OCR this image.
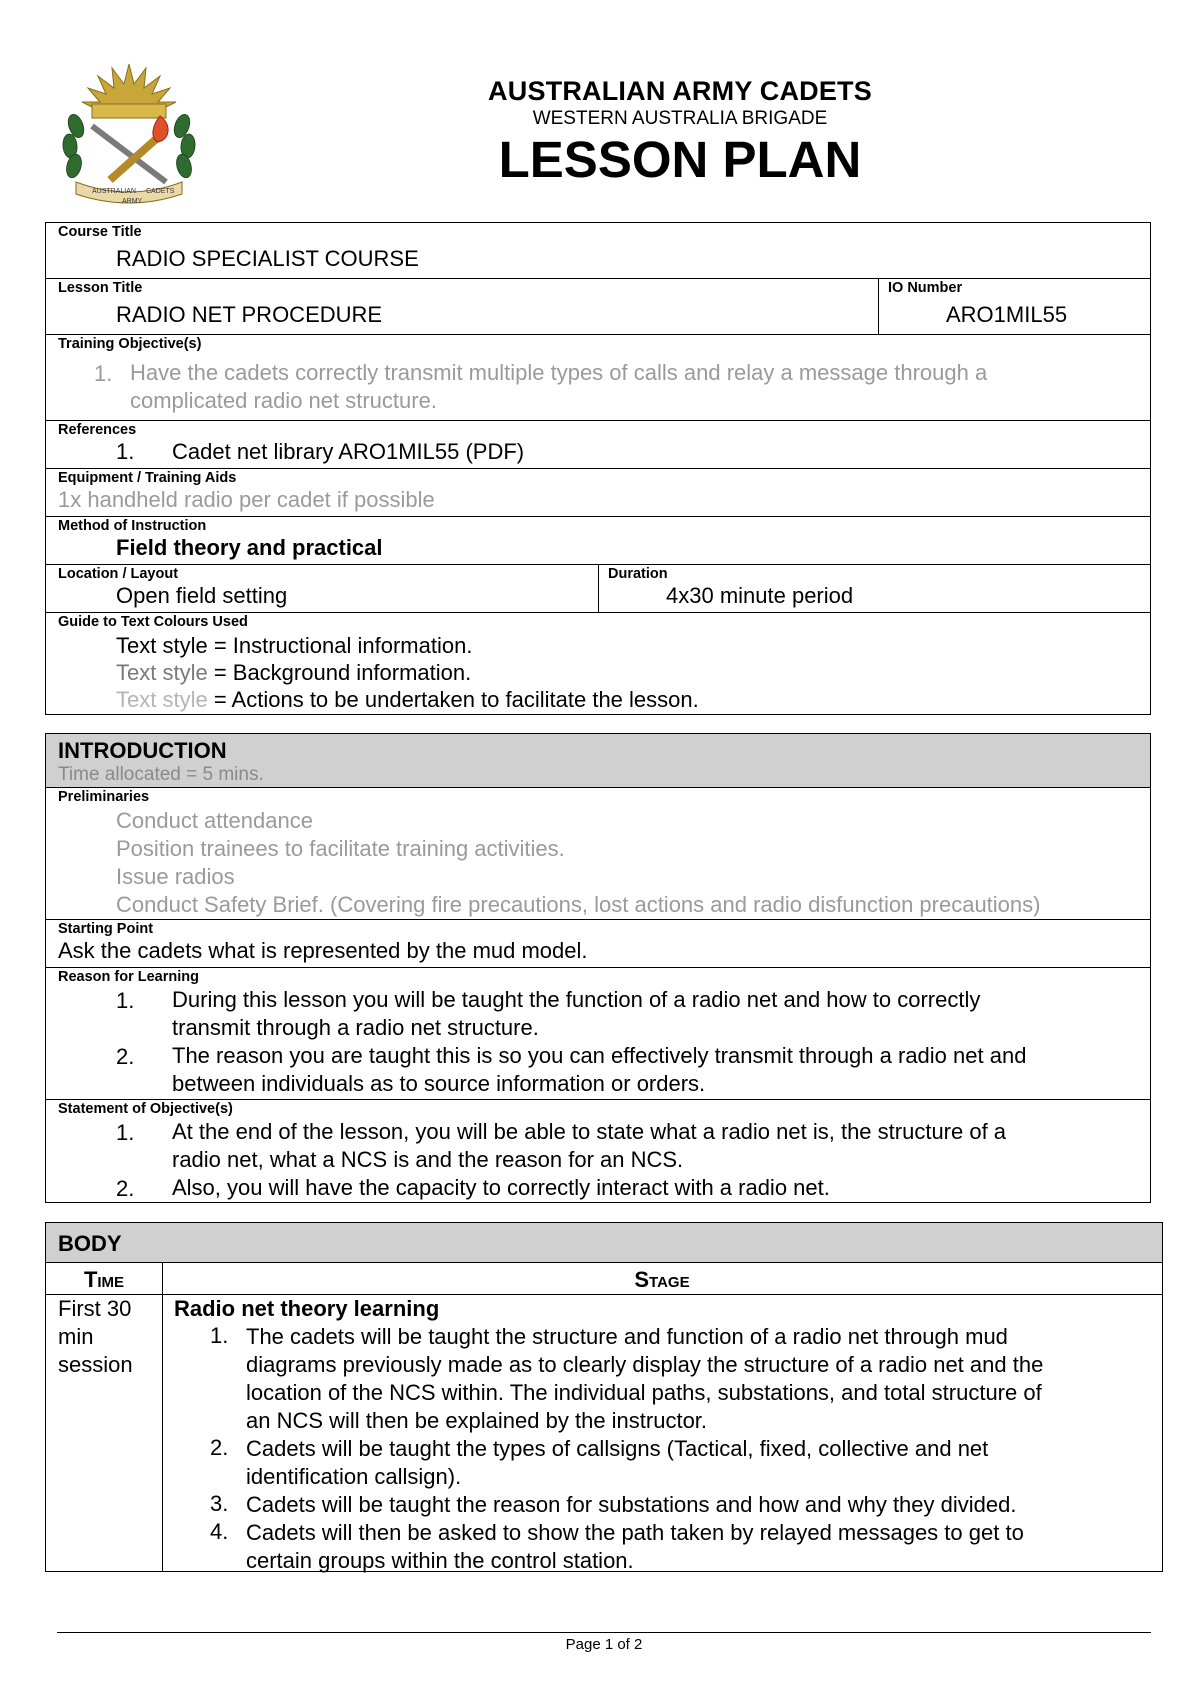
AUSTRALIAN CADETS
ARMY
AUSTRALIAN ARMY CADETS
WESTERN AUSTRALIA BRIGADE
LESSON PLAN
Course Title
RADIO SPECIALIST COURSE
Lesson Title
RADIO NET PROCEDURE
IO Number
ARO1MIL55
Training Objective(s)
1. Have the cadets correctly transmit multiple types of calls and relay a message through a
complicated radio net structure.
References
1. Cadet net library ARO1MIL55 (PDF)
Equipment / Training Aids
1x handheld radio per cadet if possible
Method of Instruction
Field theory and practical
Location / Layout
Open field setting
Duration
4x30 minute period
Guide to Text Colours Used
Text style = Instructional information.
Text style = Background information.
Text style = Actions to be undertaken to facilitate the lesson.
INTRODUCTION
Time allocated = 5 mins.
Preliminaries
Conduct attendance
Position trainees to facilitate training activities.
Issue radios
Conduct Safety Brief. (Covering fire precautions, lost actions and radio disfunction precautions)
Starting Point
Ask the cadets what is represented by the mud model.
Reason for Learning
1. During this lesson you will be taught the function of a radio net and how to correctly
transmit through a radio net structure.
2. The reason you are taught this is so you can effectively transmit through a radio net and
between individuals as to source information or orders.
Statement of Objective(s)
1. At the end of the lesson, you will be able to state what a radio net is, the structure of a
radio net, what a NCS is and the reason for an NCS.
2. Also, you will have the capacity to correctly interact with a radio net.
BODY
Time	Stage
First 30
min
session
Radio net theory learning
1. The cadets will be taught the structure and function of a radio net through mud
diagrams previously made as to clearly display the structure of a radio net and the
location of the NCS within. The individual paths, substations, and total structure of
an NCS will then be explained by the instructor.
2. Cadets will be taught the types of callsigns (Tactical, fixed, collective and net
identification callsign).
3. Cadets will be taught the reason for substations and how and why they divided.
4. Cadets will then be asked to show the path taken by relayed messages to get to
certain groups within the control station.
Page 1 of 2
